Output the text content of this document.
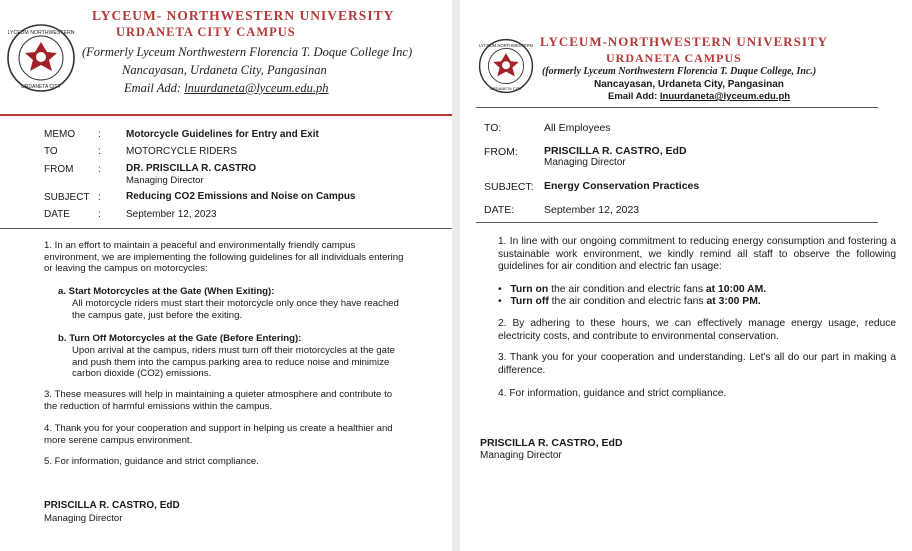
LYCEUM NORTHWESTERN
URDANETA CITY
LYCEUM- NORTHWESTERN UNIVERSITY
URDANETA CITY CAMPUS
(Formerly Lyceum Northwestern Florencia T. Doque College Inc)
Nancayasan, Urdaneta City, Pangasinan
Email Add: lnuurdaneta@lyceum.edu.ph
MEMO :	Motorcycle Guidelines for Entry and Exit
TO	:	MOTORCYCLE RIDERS
FROM :	DR. PRISCILLA R. CASTRO
Managing Director
SUBJECT :	Reducing CO2 Emissions and Noise on Campus
DATE	:	September 12, 2023
1. In an effort to maintain a peaceful and environmentally friendly campus environment, we are implementing the following guidelines for all individuals entering or leaving the campus on motorcycles:
a. Start Motorcycles at the Gate (When Exiting):
All motorcycle riders must start their motorcycle only once they have reached the campus gate, just before the exiting.
b. Turn Off Motorcycles at the Gate (Before Entering):
Upon arrival at the campus, riders must turn off their motorcycles at the gate and push them into the campus parking area to reduce noise and minimize carbon dioxide (CO2) emissions.
3. These measures will help in maintaining a quieter atmosphere and contribute to the reduction of harmful emissions within the campus.
4. Thank you for your cooperation and support in helping us create a healthier and more serene campus environment.
5. For information, guidance and strict compliance.
PRISCILLA R. CASTRO, EdD
Managing Director
LYCEUM NORTHWESTERN
URDANETA CITY
LYCEUM-NORTHWESTERN UNIVERSITY
URDANETA CAMPUS
(formerly Lyceum Northwestern Florencia T. Duque College, Inc.)
Nancayasan, Urdaneta City, Pangasinan
Email Add: lnuurdaneta@lyceum.edu.ph
TO:	All Employees
FROM: PRISCILLA R. CASTRO, EdD
Managing Director
SUBJECT: Energy Conservation Practices
DATE:	September 12, 2023
1. In line with our ongoing commitment to reducing energy consumption and fostering a sustainable work environment, we kindly remind all staff to observe the following guidelines for air condition and electric fan usage:
• Turn on the air condition and electric fans at 10:00 AM.
• Turn off the air condition and electric fans at 3:00 PM.
2. By adhering to these hours, we can effectively manage energy usage, reduce electricity costs, and contribute to environmental conservation.
3. Thank you for your cooperation and understanding. Let's all do our part in making a difference.
4. For information, guidance and strict compliance.
PRISCILLA R. CASTRO, EdD
Managing Director
